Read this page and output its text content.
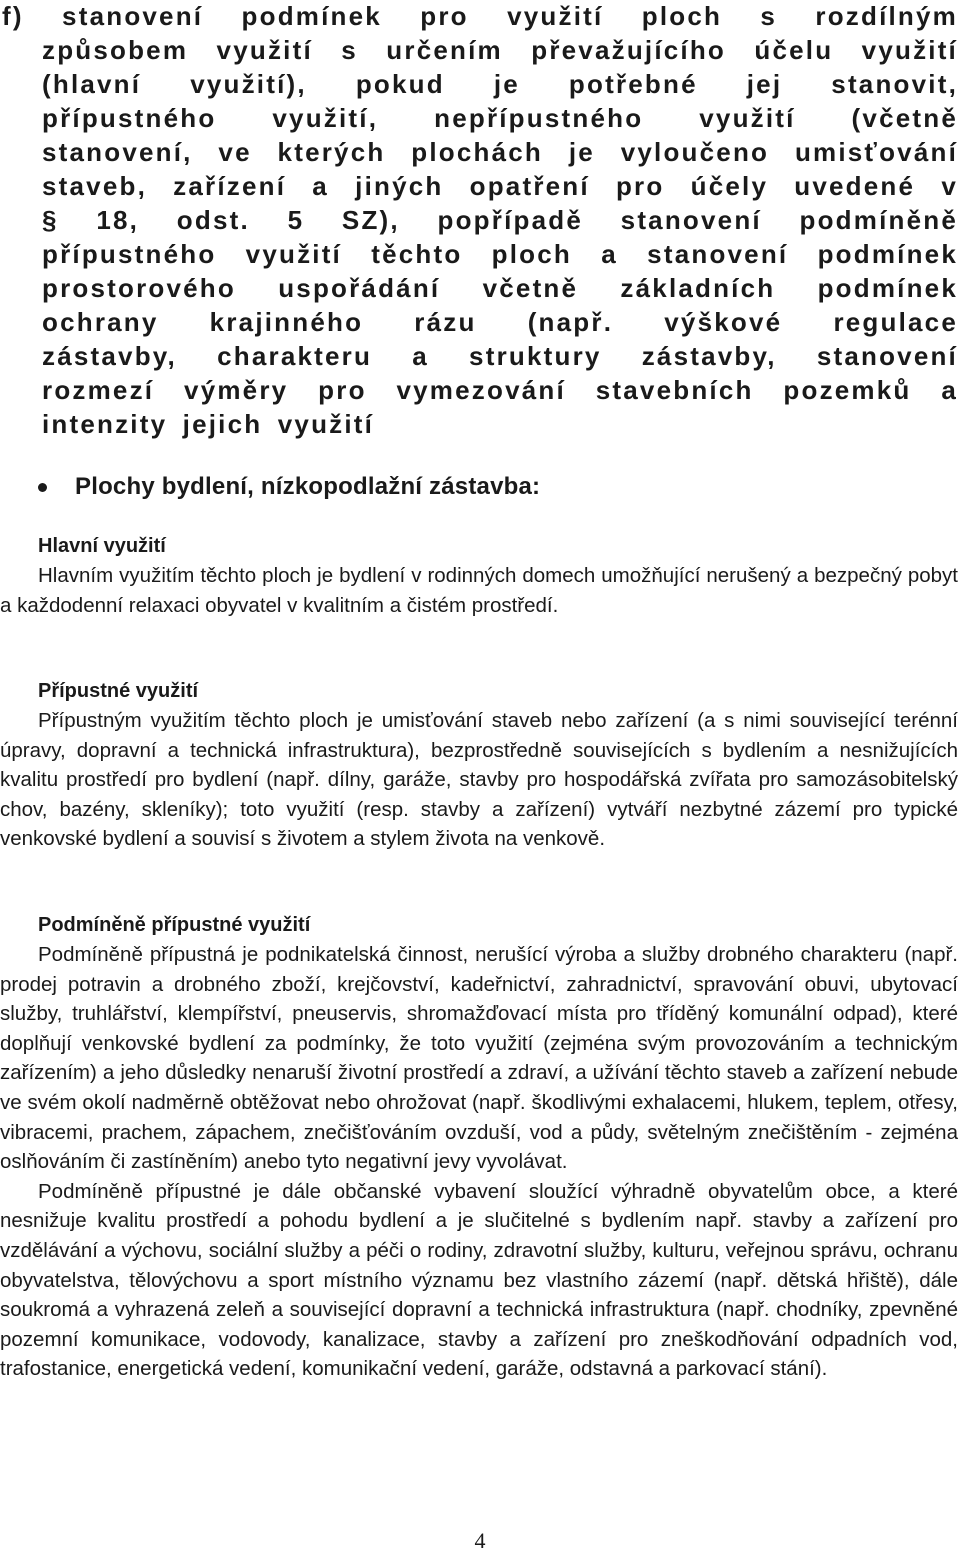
f) stanovení podmínek pro využití ploch s rozdílným
způsobem využití s určením převažujícího účelu využití
(hlavní využití), pokud je potřebné jej stanovit,
přípustného využití, nepřípustného využití (včetně
stanovení, ve kterých plochách je vyloučeno umisťování
staveb, zařízení a jiných opatření pro účely uvedené v
§ 18, odst. 5 SZ), popřípadě stanovení podmíněně
přípustného využití těchto ploch a stanovení podmínek
prostorového uspořádání včetně základních podmínek
ochrany krajinného rázu (např. výškové regulace
zástavby, charakteru a struktury zástavby, stanovení
rozmezí výměry pro vymezování stavebních pozemků a
intenzity jejich využití
Plochy bydlení, nízkopodlažní zástavba:
Hlavní využití

Hlavním využitím těchto ploch je bydlení v rodinných domech umožňující nerušený a bezpečný pobyt a každodenní relaxaci obyvatel v kvalitním a čistém prostředí.

Přípustné využití

Přípustným využitím těchto ploch je umisťování staveb nebo zařízení (a s nimi související terénní úpravy, dopravní a technická infrastruktura), bezprostředně souvisejících s bydlením a nesnižujících kvalitu prostředí pro bydlení (např. dílny, garáže, stavby pro hospodářská zvířata pro samozásobitelský chov, bazény, skleníky); toto využití (resp. stavby a zařízení) vytváří nezbytné zázemí pro typické venkovské bydlení a souvisí s životem a stylem života na venkově.

Podmíněně přípustné využití

Podmíněně přípustná je podnikatelská činnost, nerušící výroba a služby drobného charakteru (např. prodej potravin a drobného zboží, krejčovství, kadeřnictví, zahradnictví, spravování obuvi, ubytovací služby, truhlářství, klempířství, pneuservis, shromažďovací místa pro tříděný komunální odpad), které doplňují venkovské bydlení za podmínky, že toto využití (zejména svým provozováním a technickým zařízením) a jeho důsledky nenaruší životní prostředí a zdraví, a užívání těchto staveb a zařízení nebude ve svém okolí nadměrně obtěžovat nebo ohrožovat (např. škodlivými exhalacemi, hlukem, teplem, otřesy, vibracemi, prachem, zápachem, znečišťováním ovzduší, vod a půdy, světelným znečištěním - zejména oslňováním či zastíněním) anebo tyto negativní jevy vyvolávat.

Podmíněně přípustné je dále občanské vybavení sloužící výhradně obyvatelům obce, a které nesnižuje kvalitu prostředí a pohodu bydlení a je slučitelné s bydlením např. stavby a zařízení pro vzdělávání a výchovu, sociální služby a péči o rodiny, zdravotní služby, kulturu, veřejnou správu, ochranu obyvatelstva, tělovýchovu a sport místního významu bez vlastního zázemí (např. dětská hřiště), dále soukromá a vyhrazená zeleň a související dopravní a technická infrastruktura (např. chodníky, zpevněné pozemní komunikace, vodovody, kanalizace, stavby a zařízení pro zneškodňování odpadních vod, trafostanice, energetická vedení, komunikační vedení, garáže, odstavná a parkovací stání).

4
